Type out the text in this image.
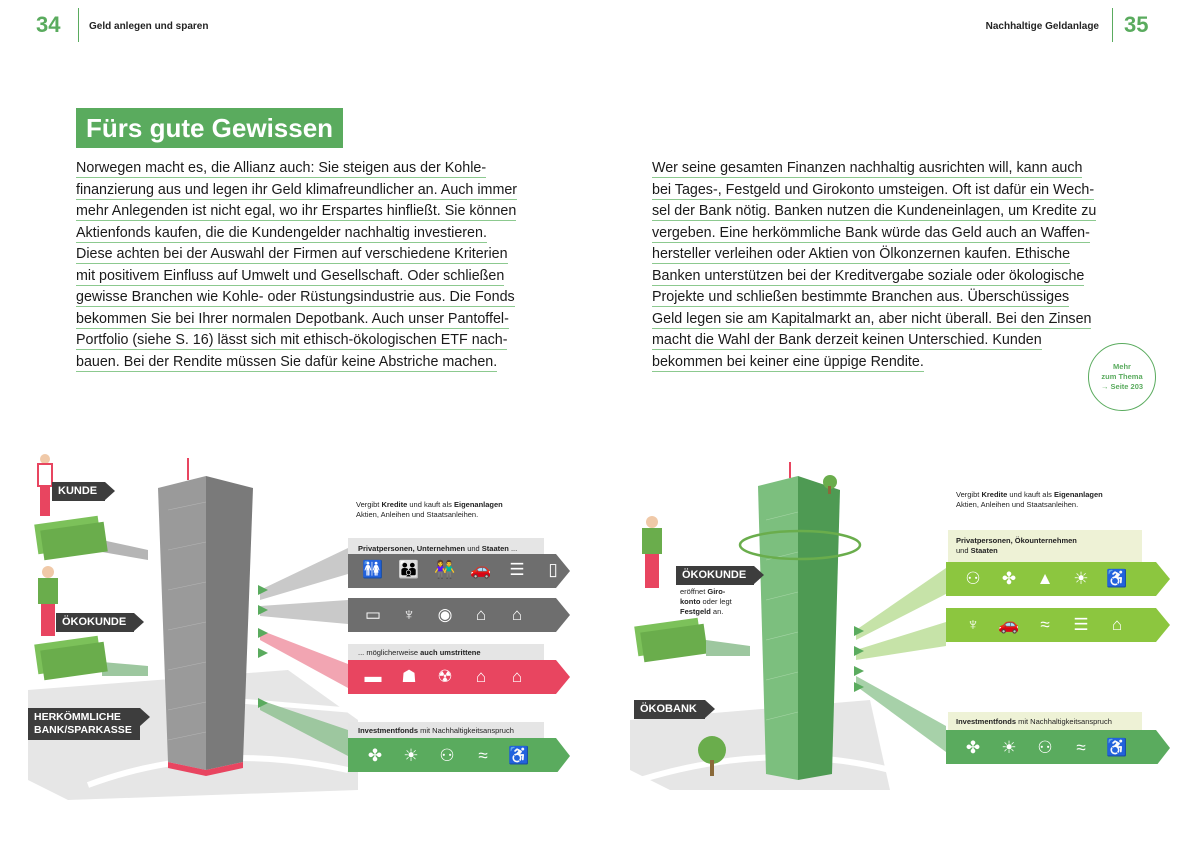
34	Geld anlegen und sparen	Nachhaltige Geldanlage 35
Fürs gute Gewissen
Norwegen macht es, die Allianz auch: Sie steigen aus der Kohle-
finanzierung aus und legen ihr Geld klimafreundlicher an. Auch immer
mehr Anlegenden ist nicht egal, wo ihr Erspartes hinfließt. Sie können
Aktienfonds kaufen, die die Kundengelder nachhaltig investieren.
Diese achten bei der Auswahl der Firmen auf verschiedene Kriterien
mit positivem Einfluss auf Umwelt und Gesellschaft. Oder schließen
gewisse Branchen wie Kohle- oder Rüstungsindustrie aus. Die Fonds
bekommen Sie bei Ihrer normalen Depotbank. Auch unser Pantoffel-
Portfolio (siehe S. 16) lässt sich mit ethisch-ökologischen ETF nach-
bauen. Bei der Rendite müssen Sie dafür keine Abstriche machen.
Wer seine gesamten Finanzen nachhaltig ausrichten will, kann auch
bei Tages-, Festgeld und Girokonto umsteigen. Oft ist dafür ein Wech-
sel der Bank nötig. Banken nutzen die Kundeneinlagen, um Kredite zu
vergeben. Eine herkömmliche Bank würde das Geld auch an Waffen-
hersteller verleihen oder Aktien von Ölkonzernen kaufen. Ethische
Banken unterstützen bei der Kreditvergabe soziale oder ökologische
Projekte und schließen bestimmte Branchen aus. Überschüssiges
Geld legen sie am Kapitalmarkt an, aber nicht überall. Bei den Zinsen
macht die Wahl der Bank derzeit keinen Unterschied. Kunden
bekommen bei keiner eine üppige Rendite.	Mehr
zum Thema
→ Seite 203
KUNDE
ÖKOKUNDE
HERKÖMMLICHE
BANK/SPARKASSE
Vergibt Kredite und kauft als Eigenanlagen
Aktien, Anleihen und Staatsanleihen.
Privatpersonen, Unternehmen und Staaten ...
🚻 👪 👫 🚗 ☰	▯
▭ ♆ ◉	⌂	⌂
... möglicherweise auch umstrittene
▬ ☗ ☢	⌂	⌂
Investmentfonds mit Nachhaltigkeitsanspruch
✤ ☀ ⚇	≈	♿
ÖKOKUNDE
eröffnet Giro-
konto oder legt
Festgeld an.
ÖKOBANK
Vergibt Kredite und kauft als Eigenanlagen
Aktien, Anleihen und Staatsanleihen.
Privatpersonen, Ökounternehmen
und Staaten
⚇ ✤ ▲ ☀ ♿
♆ 🚗	≈	☰	⌂
Investmentfonds mit Nachhaltigkeitsanspruch
✤ ☀ ⚇	≈	♿
